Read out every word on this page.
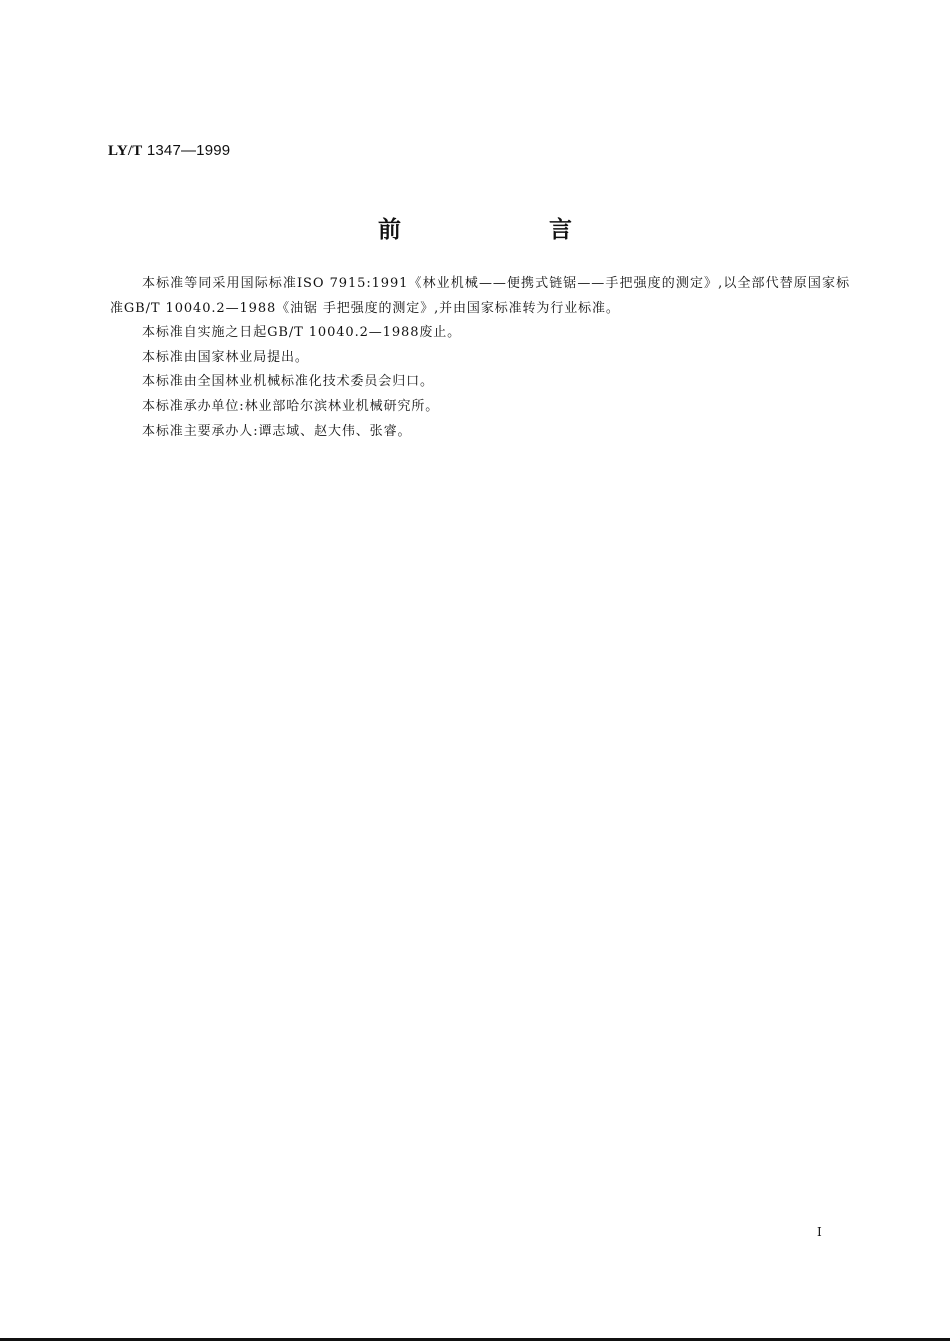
LY/T 1347—1999
前 言

本标准等同采用国际标准ISO 7915:1991《林业机械——便携式链锯——手把强度的测定》,以全部代替原国家标准GB/T 10040.2—1988《油锯 手把强度的测定》,并由国家标准转为行业标准。

本标准自实施之日起GB/T 10040.2—1988废止。

本标准由国家林业局提出。

本标准由全国林业机械标准化技术委员会归口。

本标准承办单位:林业部哈尔滨林业机械研究所。

本标准主要承办人:谭志域、赵大伟、张睿。

I
